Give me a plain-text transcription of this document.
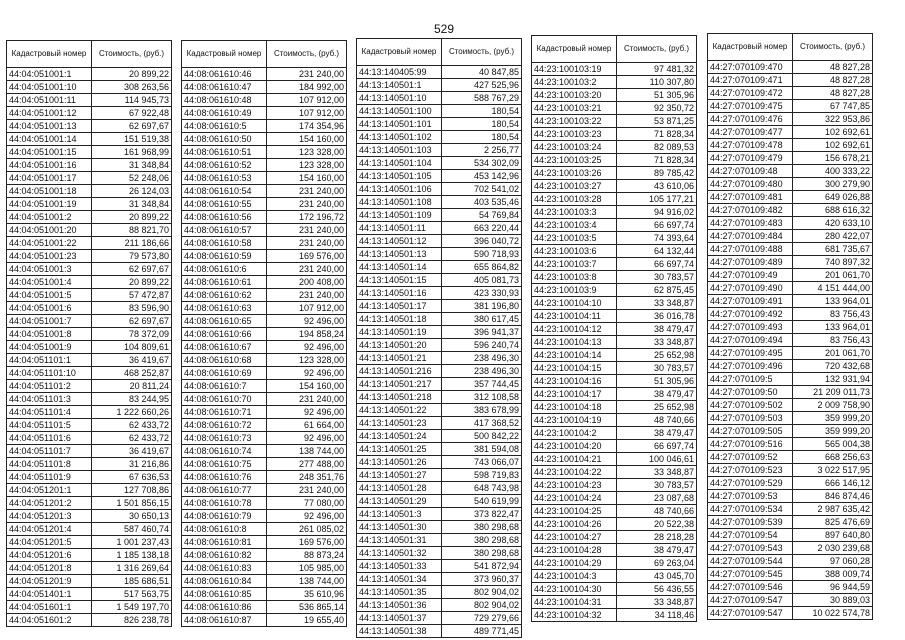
529
Кадастровый номер	Стоимость, (руб.)
44:04:051001:1	20 899,22
44:04:051001:10	308 263,56
44:04:051001:11	114 945,73
44:04:051001:12	67 922,48
44:04:051001:13	62 697,67
44:04:051001:14	151 519,38
44:04:051001:15	161 968,99
44:04:051001:16	31 348,84
44:04:051001:17	52 248,06
44:04:051001:18	26 124,03
44:04:051001:19	31 348,84
44:04:051001:2	20 899,22
44:04:051001:20	88 821,70
44:04:051001:22	211 186,66
44:04:051001:23	79 573,80
44:04:051001:3	62 697,67
44:04:051001:4	20 899,22
44:04:051001:5	57 472,87
44:04:051001:6	83 596,90
44:04:051001:7	62 697,67
44:04:051001:8	78 372,09
44:04:051001:9	104 809,61
44:04:051101:1	36 419,67
44:04:051101:10	468 252,87
44:04:051101:2	20 811,24
44:04:051101:3	83 244,95
44:04:051101:4	1 222 660,26
44:04:051101:5	62 433,72
44:04:051101:6	62 433,72
44:04:051101:7	36 419,67
44:04:051101:8	31 216,86
44:04:051101:9	67 636,53
44:04:051201:1	127 708,86
44:04:051201:2	1 501 856,15
44:04:051201:3	30 650,13
44:04:051201:4	587 460,74
44:04:051201:5	1 001 237,43
44:04:051201:6	1 185 138,18
44:04:051201:8	1 316 269,64
44:04:051201:9	185 686,51
44:04:051401:1	517 563,75
44:04:051601:1	1 549 197,70
44:04:051601:2	826 238,78
Кадастровый номер	Стоимость, (руб.)
44:08:061610:46	231 240,00
44:08:061610:47	184 992,00
44:08:061610:48	107 912,00
44:08:061610:49	107 912,00
44:08:061610:5	174 354,96
44:08:061610:50	154 160,00
44:08:061610:51	123 328,00
44:08:061610:52	123 328,00
44:08:061610:53	154 160,00
44:08:061610:54	231 240,00
44:08:061610:55	231 240,00
44:08:061610:56	172 196,72
44:08:061610:57	231 240,00
44:08:061610:58	231 240,00
44:08:061610:59	169 576,00
44:08:061610:6	231 240,00
44:08:061610:61	200 408,00
44:08:061610:62	231 240,00
44:08:061610:63	107 912,00
44:08:061610:65	92 496,00
44:08:061610:66	194 858,24
44:08:061610:67	92 496,00
44:08:061610:68	123 328,00
44:08:061610:69	92 496,00
44:08:061610:7	154 160,00
44:08:061610:70	231 240,00
44:08:061610:71	92 496,00
44:08:061610:72	61 664,00
44:08:061610:73	92 496,00
44:08:061610:74	138 744,00
44:08:061610:75	277 488,00
44:08:061610:76	248 351,76
44:08:061610:77	231 240,00
44:08:061610:78	77 080,00
44:08:061610:79	92 496,00
44:08:061610:8	261 085,02
44:08:061610:81	169 576,00
44:08:061610:82	88 873,24
44:08:061610:83	105 985,00
44:08:061610:84	138 744,00
44:08:061610:85	35 610,96
44:08:061610:86	536 865,14
44:08:061610:87	19 655,40
Кадастровый номер	Стоимость, (руб.)
44:13:140405:99	40 847,85
44:13:140501:1	427 525,96
44:13:140501:10	588 767,29
44:13:140501:100	180,54
44:13:140501:101	180,54
44:13:140501:102	180,54
44:13:140501:103	2 256,77
44:13:140501:104	534 302,09
44:13:140501:105	453 142,96
44:13:140501:106	702 541,02
44:13:140501:108	403 535,46
44:13:140501:109	54 769,84
44:13:140501:11	663 220,44
44:13:140501:12	396 040,72
44:13:140501:13	590 718,93
44:13:140501:14	655 864,82
44:13:140501:15	405 081,73
44:13:140501:16	423 330,93
44:13:140501:17	381 196,80
44:13:140501:18	380 617,45
44:13:140501:19	396 941,37
44:13:140501:20	596 240,74
44:13:140501:21	238 496,30
44:13:140501:216	238 496,30
44:13:140501:217	357 744,45
44:13:140501:218	312 108,58
44:13:140501:22	383 678,99
44:13:140501:23	417 368,52
44:13:140501:24	500 842,22
44:13:140501:25	381 594,08
44:13:140501:26	743 066,07
44:13:140501:27	598 719,83
44:13:140501:28	648 743,98
44:13:140501:29	540 619,99
44:13:140501:3	373 822,47
44:13:140501:30	380 298,68
44:13:140501:31	380 298,68
44:13:140501:32	380 298,68
44:13:140501:33	541 872,94
44:13:140501:34	373 960,37
44:13:140501:35	802 904,02
44:13:140501:36	802 904,02
44:13:140501:37	729 279,66
44:13:140501:38	489 771,45
Кадастровый номер	Стоимость, (руб.)
44:23:100103:19	97 481,32
44:23:100103:2	110 307,80
44:23:100103:20	51 305,96
44:23:100103:21	92 350,72
44:23:100103:22	53 871,25
44:23:100103:23	71 828,34
44:23:100103:24	82 089,53
44:23:100103:25	71 828,34
44:23:100103:26	89 785,42
44:23:100103:27	43 610,06
44:23:100103:28	105 177,21
44:23:100103:3	94 916,02
44:23:100103:4	66 697,74
44:23:100103:5	74 393,64
44:23:100103:6	64 132,44
44:23:100103:7	66 697,74
44:23:100103:8	30 783,57
44:23:100103:9	62 875,45
44:23:100104:10	33 348,87
44:23:100104:11	36 016,78
44:23:100104:12	38 479,47
44:23:100104:13	33 348,87
44:23:100104:14	25 652,98
44:23:100104:15	30 783,57
44:23:100104:16	51 305,96
44:23:100104:17	38 479,47
44:23:100104:18	25 652,98
44:23:100104:19	48 740,66
44:23:100104:2	38 479,47
44:23:100104:20	66 697,74
44:23:100104:21	100 046,61
44:23:100104:22	33 348,87
44:23:100104:23	30 783,57
44:23:100104:24	23 087,68
44:23:100104:25	48 740,66
44:23:100104:26	20 522,38
44:23:100104:27	28 218,28
44:23:100104:28	38 479,47
44:23:100104:29	69 263,04
44:23:100104:3	43 045,70
44:23:100104:30	56 436,55
44:23:100104:31	33 348,87
44:23:100104:32	34 118,46
Кадастровый номер	Стоимость, (руб.)
44:27:070109:470	48 827,28
44:27:070109:471	48 827,28
44:27:070109:472	48 827,28
44:27:070109:475	67 747,85
44:27:070109:476	322 953,86
44:27:070109:477	102 692,61
44:27:070109:478	102 692,61
44:27:070109:479	156 678,21
44:27:070109:48	400 333,22
44:27:070109:480	300 279,90
44:27:070109:481	649 026,88
44:27:070109:482	688 616,32
44:27:070109:483	420 633,10
44:27:070109:484	280 422,07
44:27:070109:488	681 735,67
44:27:070109:489	740 897,32
44:27:070109:49	201 061,70
44:27:070109:490	4 151 444,00
44:27:070109:491	133 964,01
44:27:070109:492	83 756,43
44:27:070109:493	133 964,01
44:27:070109:494	83 756,43
44:27:070109:495	201 061,70
44:27:070109:496	720 432,68
44:27:070109:5	132 931,94
44:27:070109:50	21 209 011,73
44:27:070109:502	2 009 758,90
44:27:070109:503	359 999,20
44:27:070109:505	359 999,20
44:27:070109:516	565 004,38
44:27:070109:52	668 256,63
44:27:070109:523	3 022 517,95
44:27:070109:529	666 146,12
44:27:070109:53	846 874,46
44:27:070109:534	2 987 635,42
44:27:070109:539	825 476,69
44:27:070109:54	897 640,80
44:27:070109:543	2 030 239,68
44:27:070109:544	97 060,28
44:27:070109:545	388 009,74
44:27:070109:546	96 944,59
44:27:070109:547	30 889,03
44:27:070109:547	10 022 574,78
